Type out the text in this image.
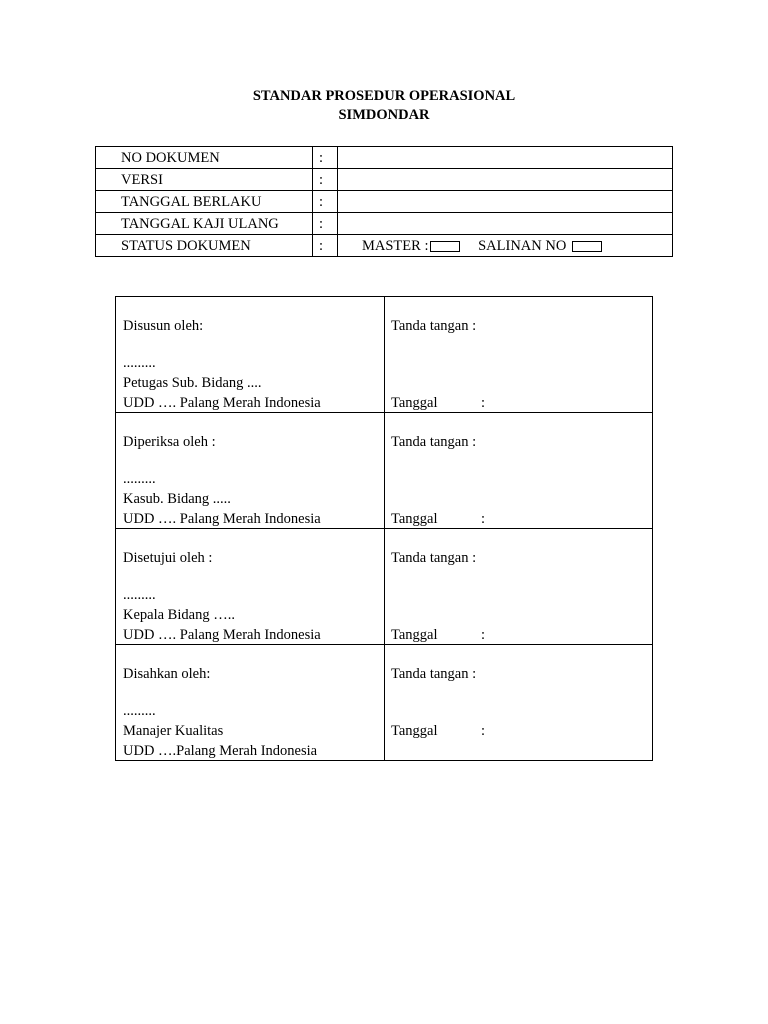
STANDAR PROSEDUR OPERASIONAL
SIMDONDAR
NO DOKUMEN	:	
VERSI	:	
TANGGAL BERLAKU	:	
TANGGAL KAJI ULANG	:	
STATUS DOKUMEN	:	MASTER : SALINAN NO
Disusun oleh:
.........
Petugas Sub. Bidang ....
UDD …. Palang Merah Indonesia	Tanda tangan :
Tanggal :

Diperiksa oleh :
.........
Kasub. Bidang .....
UDD …. Palang Merah Indonesia	Tanda tangan :
Tanggal :

Disetujui oleh :
.........
Kepala Bidang …..
UDD …. Palang Merah Indonesia	Tanda tangan :
Tanggal :

Disahkan oleh:
.........
Manajer Kualitas
UDD ….Palang Merah Indonesia	Tanda tangan :
Tanggal :
